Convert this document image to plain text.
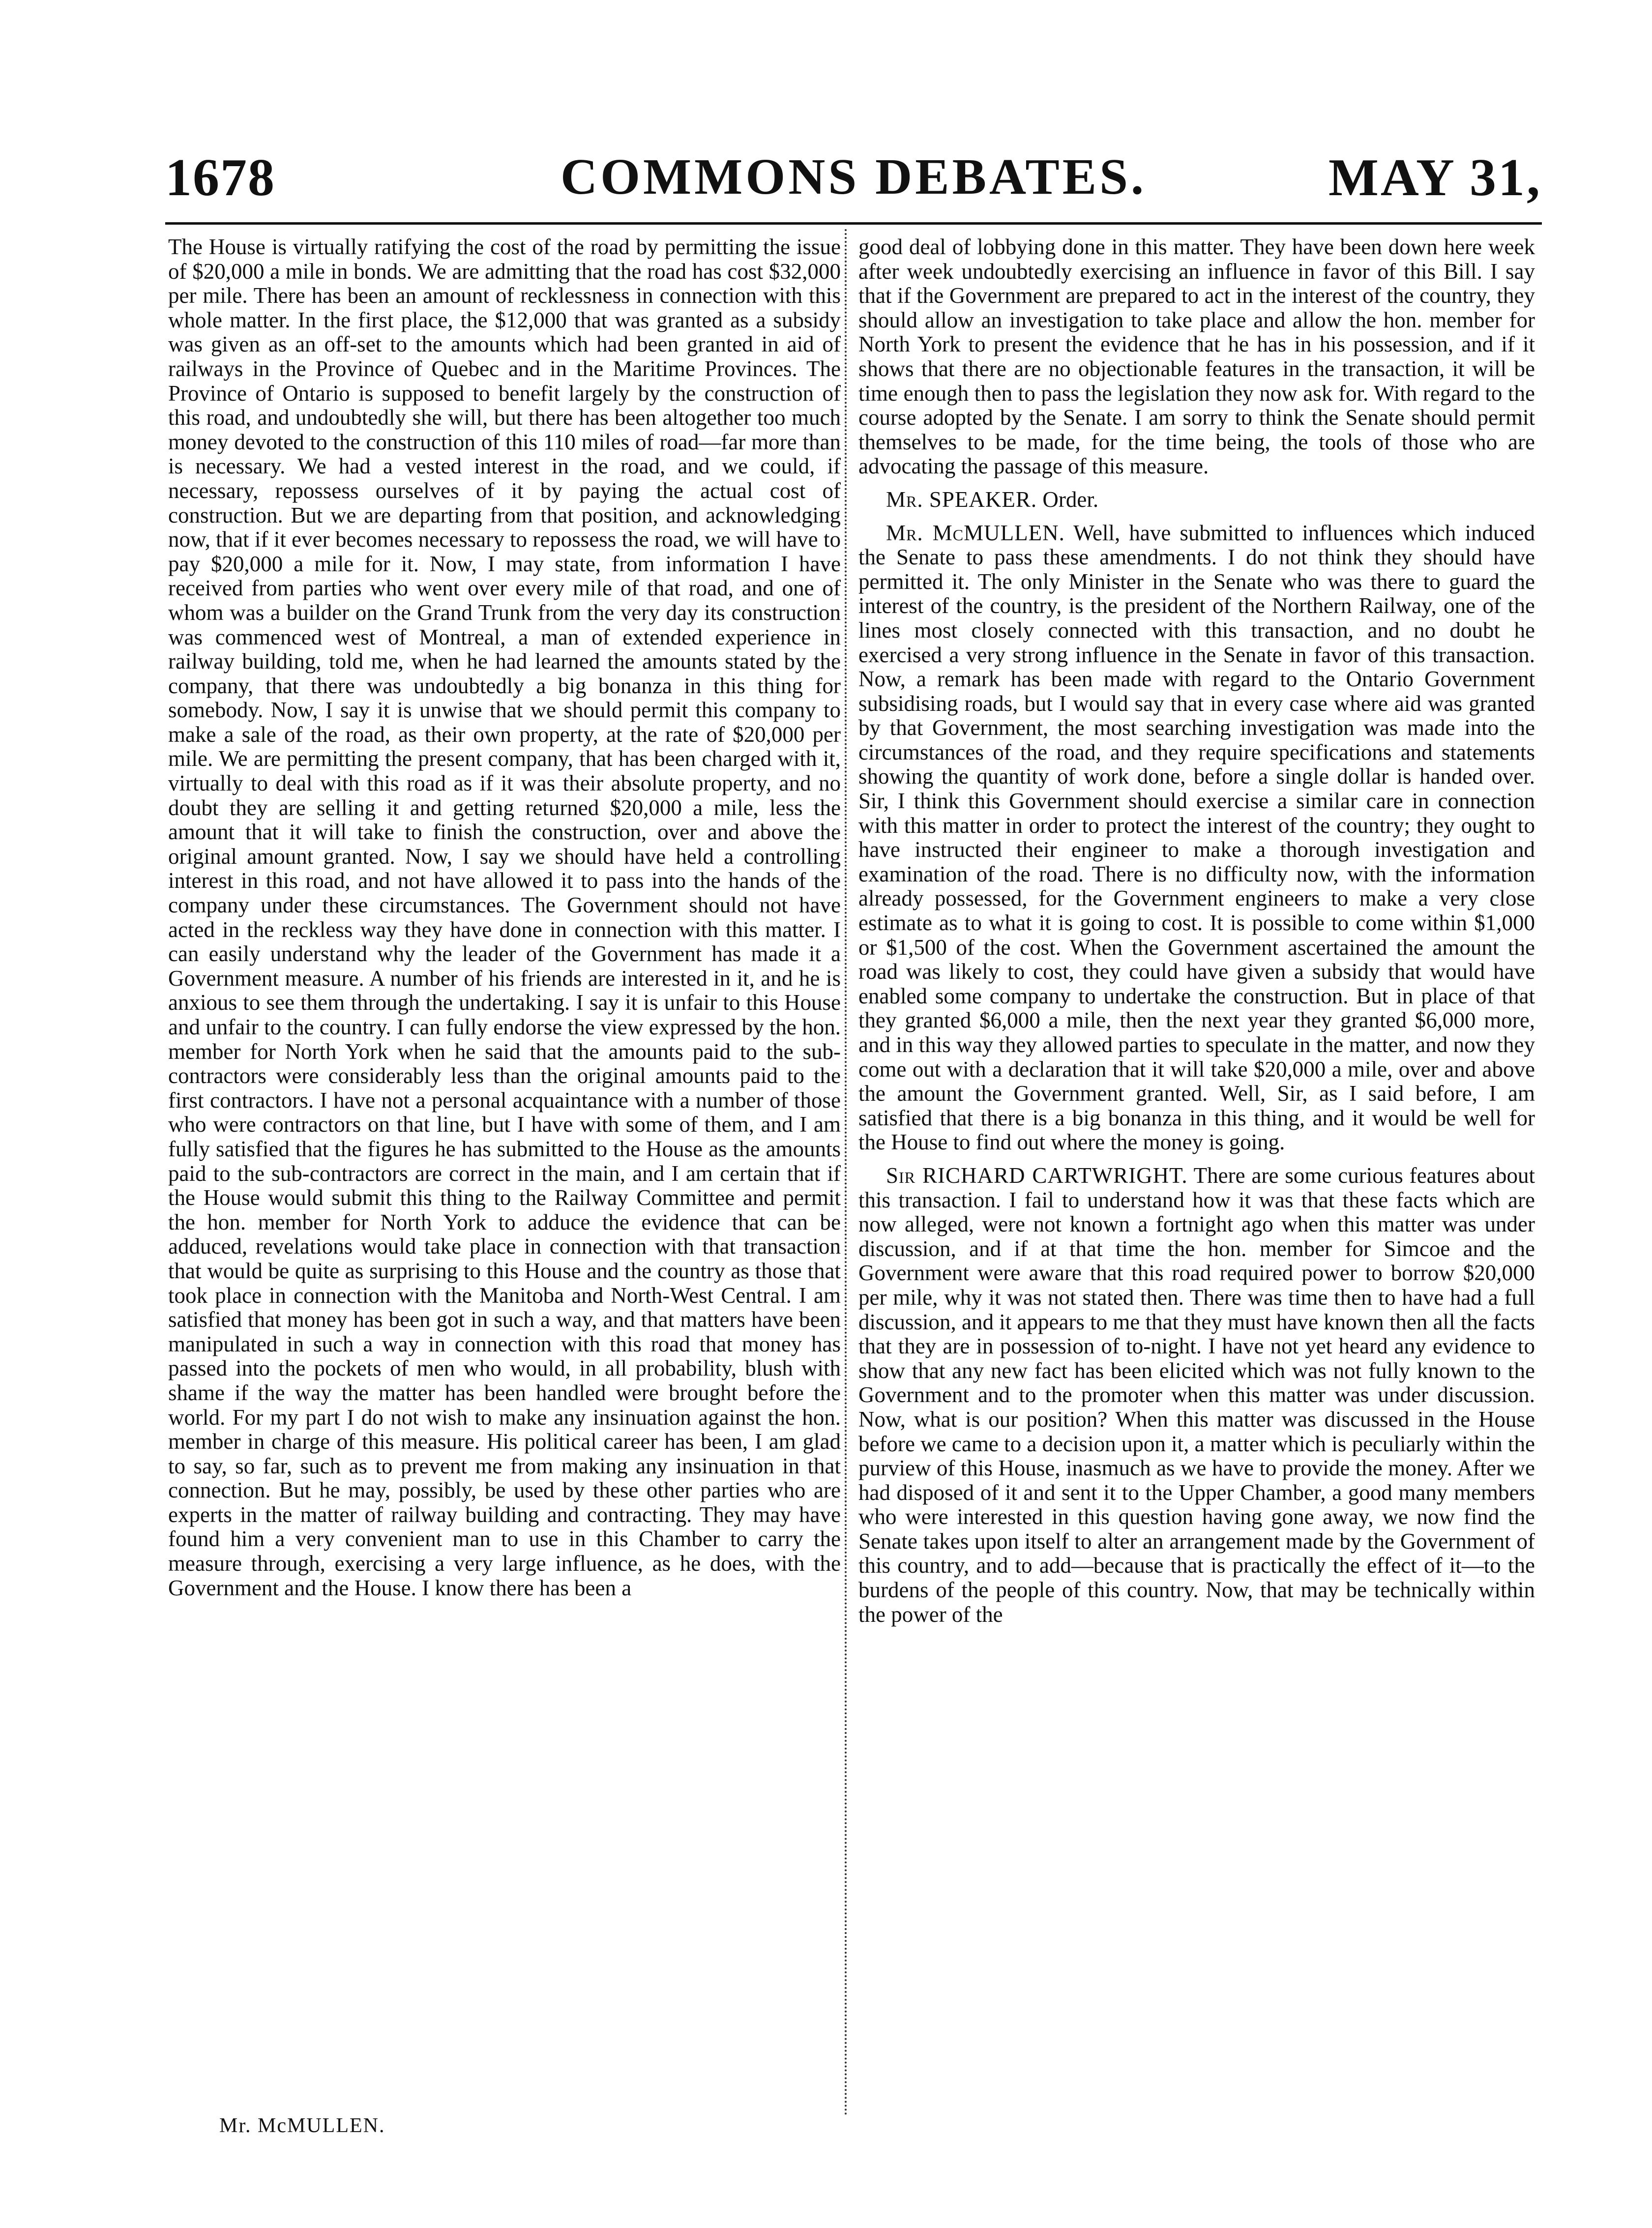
1678	COMMONS DEBATES.	MAY 31,

The House is virtually ratifying the cost of the road by permitting the issue of $20,000 a mile in bonds. We are admitting that the road has cost $32,000 per mile. There has been an amount of recklessness in connection with this whole matter. In the first place, the $12,000 that was granted as a subsidy was given as an off-set to the amounts which had been granted in aid of railways in the Province of Quebec and in the Maritime Provinces. The Province of Ontario is supposed to benefit largely by the construction of this road, and undoubtedly she will, but there has been altogether too much money devoted to the construction of this 110 miles of road—far more than is necessary. We had a vested interest in the road, and we could, if necessary, repossess ourselves of it by paying the actual cost of construction. But we are departing from that position, and acknowledging now, that if it ever becomes necessary to repossess the road, we will have to pay $20,000 a mile for it. Now, I may state, from information I have received from parties who went over every mile of that road, and one of whom was a builder on the Grand Trunk from the very day its construction was commenced west of Montreal, a man of extended experience in railway building, told me, when he had learned the amounts stated by the company, that there was undoubtedly a big bonanza in this thing for somebody. Now, I say it is unwise that we should permit this company to make a sale of the road, as their own property, at the rate of $20,000 per mile. We are permitting the present company, that has been charged with it, virtually to deal with this road as if it was their absolute property, and no doubt they are selling it and getting returned $20,000 a mile, less the amount that it will take to finish the construction, over and above the original amount granted. Now, I say we should have held a controlling interest in this road, and not have allowed it to pass into the hands of the company under these circumstances. The Government should not have acted in the reckless way they have done in connection with this matter. I can easily understand why the leader of the Government has made it a Government measure. A number of his friends are interested in it, and he is anxious to see them through the undertaking. I say it is unfair to this House and unfair to the country. I can fully endorse the view expressed by the hon. member for North York when he said that the amounts paid to the sub-contractors were considerably less than the original amounts paid to the first contractors. I have not a personal acquaintance with a number of those who were contractors on that line, but I have with some of them, and I am fully satisfied that the figures he has submitted to the House as the amounts paid to the sub-contractors are correct in the main, and I am certain that if the House would submit this thing to the Railway Committee and permit the hon. member for North York to adduce the evidence that can be adduced, revelations would take place in connection with that transaction that would be quite as surprising to this House and the country as those that took place in connection with the Manitoba and North-West Central. I am satisfied that money has been got in such a way, and that matters have been manipulated in such a way in connection with this road that money has passed into the pockets of men who would, in all probability, blush with shame if the way the matter has been handled were brought before the world. For my part I do not wish to make any insinuation against the hon. member in charge of this measure. His political career has been, I am glad to say, so far, such as to prevent me from making any insinuation in that connection. But he may, possibly, be used by these other parties who are experts in the matter of railway building and contracting. They may have found him a very convenient man to use in this Chamber to carry the measure through, exercising a very large influence, as he does, with the Government and the House. I know there has been a

good deal of lobbying done in this matter. They have been down here week after week undoubtedly exercising an influence in favor of this Bill. I say that if the Government are prepared to act in the interest of the country, they should allow an investigation to take place and allow the hon. member for North York to present the evidence that he has in his possession, and if it shows that there are no objectionable features in the transaction, it will be time enough then to pass the legislation they now ask for. With regard to the course adopted by the Senate. I am sorry to think the Senate should permit themselves to be made, for the time being, the tools of those who are advocating the passage of this measure.

Mr. SPEAKER. Order.

Mr. McMULLEN. Well, have submitted to influences which induced the Senate to pass these amendments. I do not think they should have permitted it. The only Minister in the Senate who was there to guard the interest of the country, is the president of the Northern Railway, one of the lines most closely connected with this transaction, and no doubt he exercised a very strong influence in the Senate in favor of this transaction. Now, a remark has been made with regard to the Ontario Government subsidising roads, but I would say that in every case where aid was granted by that Government, the most searching investigation was made into the circumstances of the road, and they require specifications and statements showing the quantity of work done, before a single dollar is handed over. Sir, I think this Government should exercise a similar care in connection with this matter in order to protect the interest of the country; they ought to have instructed their engineer to make a thorough investigation and examination of the road. There is no difficulty now, with the information already possessed, for the Government engineers to make a very close estimate as to what it is going to cost. It is possible to come within $1,000 or $1,500 of the cost. When the Government ascertained the amount the road was likely to cost, they could have given a subsidy that would have enabled some company to undertake the construction. But in place of that they granted $6,000 a mile, then the next year they granted $6,000 more, and in this way they allowed parties to speculate in the matter, and now they come out with a declaration that it will take $20,000 a mile, over and above the amount the Government granted. Well, Sir, as I said before, I am satisfied that there is a big bonanza in this thing, and it would be well for the House to find out where the money is going.

Sir RICHARD CARTWRIGHT. There are some curious features about this transaction. I fail to understand how it was that these facts which are now alleged, were not known a fortnight ago when this matter was under discussion, and if at that time the hon. member for Simcoe and the Government were aware that this road required power to borrow $20,000 per mile, why it was not stated then. There was time then to have had a full discussion, and it appears to me that they must have known then all the facts that they are in possession of to-night. I have not yet heard any evidence to show that any new fact has been elicited which was not fully known to the Government and to the promoter when this matter was under discussion. Now, what is our position? When this matter was discussed in the House before we came to a decision upon it, a matter which is peculiarly within the purview of this House, inasmuch as we have to provide the money. After we had disposed of it and sent it to the Upper Chamber, a good many members who were interested in this question having gone away, we now find the Senate takes upon itself to alter an arrangement made by the Government of this country, and to add—because that is practically the effect of it—to the burdens of the people of this country. Now, that may be technically within the power of the

Mr. McMULLEN.
